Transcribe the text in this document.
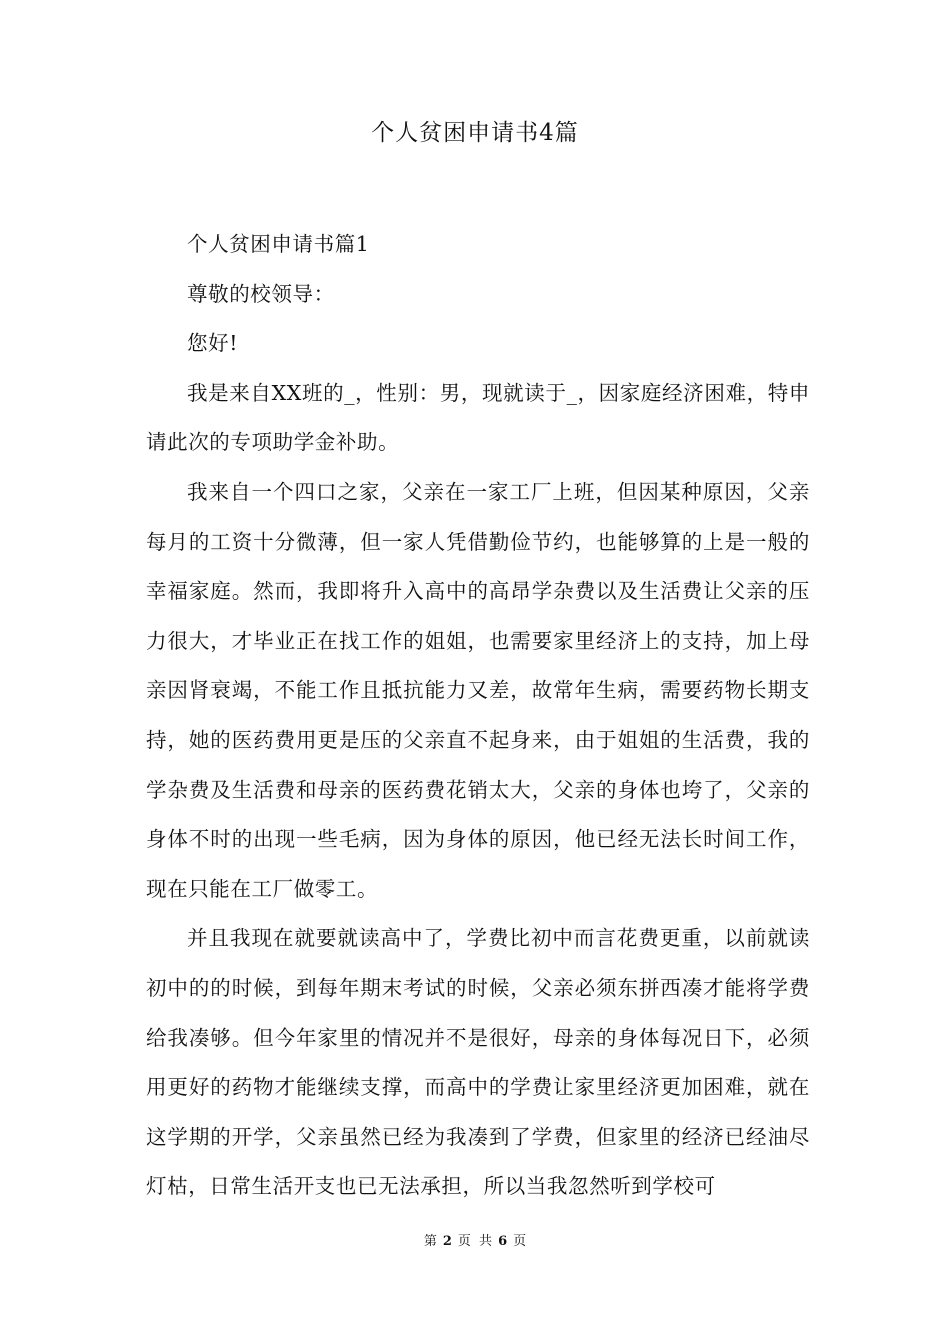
个人贫困申请书4篇

个人贫困申请书篇1

尊敬的校领导：

您好!

我是来自XX班的_，性别：男，现就读于_，因家庭经济困难，特申请此次的专项助学金补助。

我来自一个四口之家，父亲在一家工厂上班，但因某种原因，父亲每月的工资十分微薄，但一家人凭借勤俭节约，也能够算的上是一般的幸福家庭。然而，我即将升入高中的高昂学杂费以及生活费让父亲的压力很大，才毕业正在找工作的姐姐，也需要家里经济上的支持，加上母亲因肾衰竭，不能工作且抵抗能力又差，故常年生病，需要药物长期支持，她的医药费用更是压的父亲直不起身来，由于姐姐的生活费，我的学杂费及生活费和母亲的医药费花销太大，父亲的身体也垮了，父亲的身体不时的出现一些毛病，因为身体的原因，他已经无法长时间工作，现在只能在工厂做零工。

并且我现在就要就读高中了，学费比初中而言花费更重，以前就读初中的的时候，到每年期末考试的时候，父亲必须东拼西凑才能将学费给我凑够。但今年家里的情况并不是很好，母亲的身体每况日下，必须用更好的药物才能继续支撑，而高中的学费让家里经济更加困难，就在这学期的开学，父亲虽然已经为我凑到了学费，但家里的经济已经油尽灯枯，日常生活开支也已无法承担，所以当我忽然听到学校可

第 2 页 共 6 页
